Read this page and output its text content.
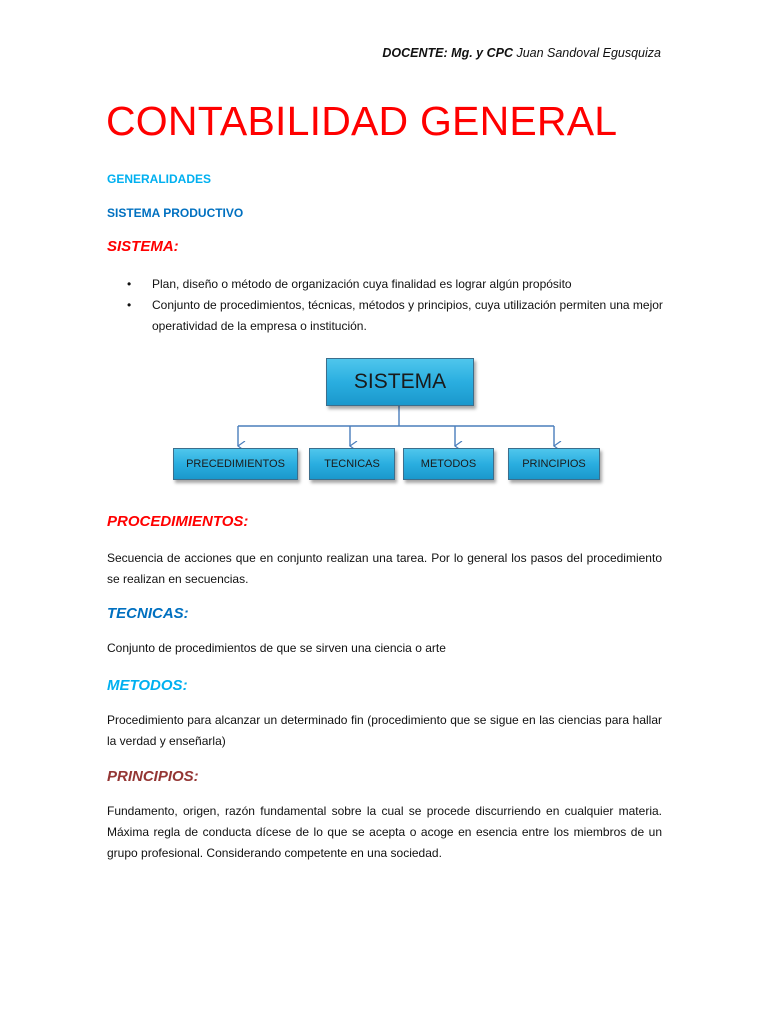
DOCENTE: Mg. y CPC Juan Sandoval Egusquiza
CONTABILIDAD GENERAL
GENERALIDADES
SISTEMA PRODUCTIVO
SISTEMA:
• Plan, diseño o método de organización cuya finalidad es lograr algún propósito
• Conjunto de procedimientos, técnicas, métodos y principios, cuya utilización permiten una mejor operatividad de la empresa o institución.
SISTEMA
PRECEDIMIENTOS	TECNICAS	METODOS	PRINCIPIOS
PROCEDIMIENTOS:

Secuencia de acciones que en conjunto realizan una tarea. Por lo general los pasos del procedimiento se realizan en secuencias.

TECNICAS:

Conjunto de procedimientos de que se sirven una ciencia o arte

METODOS:

Procedimiento para alcanzar un determinado fin (procedimiento que se sigue en las ciencias para hallar la verdad y enseñarla)

PRINCIPIOS:

Fundamento, origen, razón fundamental sobre la cual se procede discurriendo en cualquier materia. Máxima regla de conducta dícese de lo que se acepta o acoge en esencia entre los miembros de un grupo profesional. Considerando competente en una sociedad.
